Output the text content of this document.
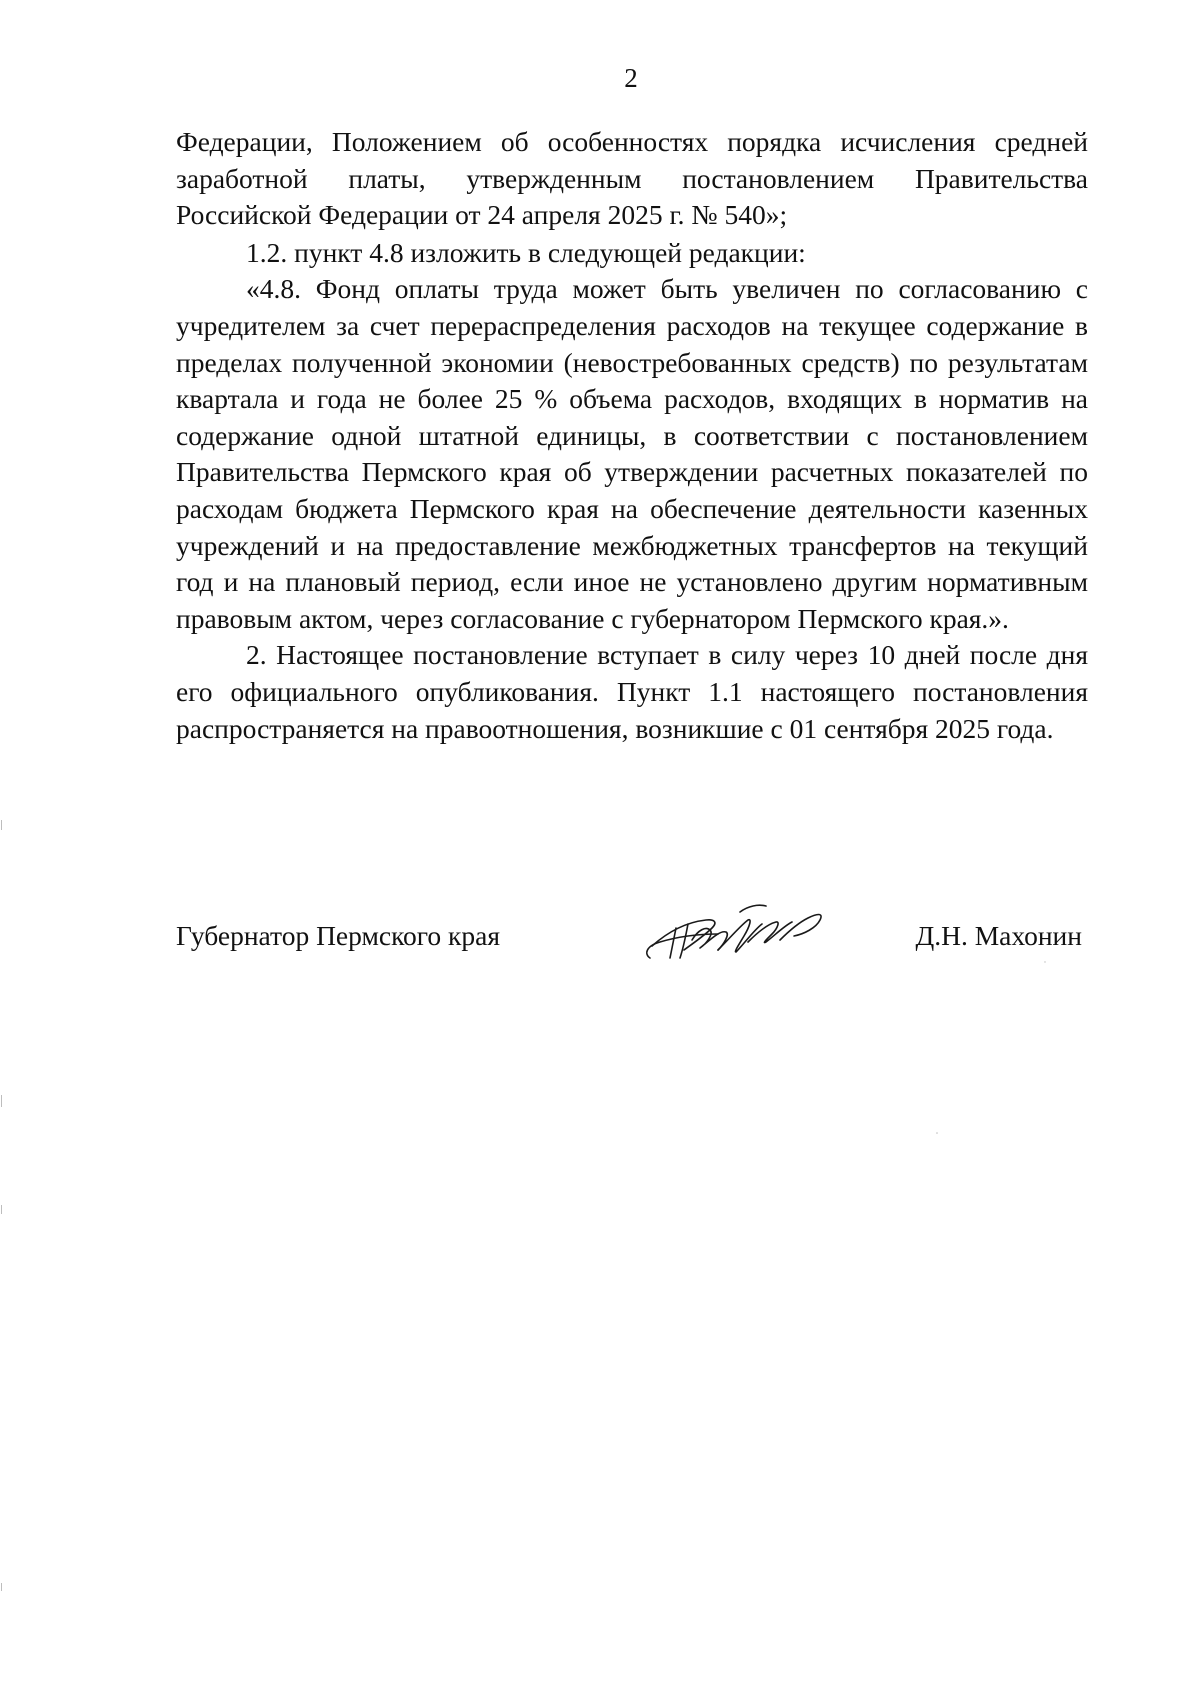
2

Федерации, Положением об особенностях порядка исчисления средней заработной платы, утвержденным постановлением Правительства Российской Федерации от 24 апреля 2025 г. № 540»;

1.2. пункт 4.8 изложить в следующей редакции:

«4.8. Фонд оплаты труда может быть увеличен по согласованию с учредителем за счет перераспределения расходов на текущее содержание в пределах полученной экономии (невостребованных средств) по результатам квартала и года не более 25 % объема расходов, входящих в норматив на содержание одной штатной единицы, в соответствии с постановлением Правительства Пермского края об утверждении расчетных показателей по расходам бюджета Пермского края на обеспечение деятельности казенных учреждений и на предоставление межбюджетных трансфертов на текущий год и на плановый период, если иное не установлено другим нормативным правовым актом, через согласование с губернатором Пермского края.».

2. Настоящее постановление вступает в силу через 10 дней после дня его официального опубликования. Пункт 1.1 настоящего постановления распространяется на правоотношения, возникшие с 01 сентября 2025 года.

Губернатор Пермского края	Д.Н. Махонин
